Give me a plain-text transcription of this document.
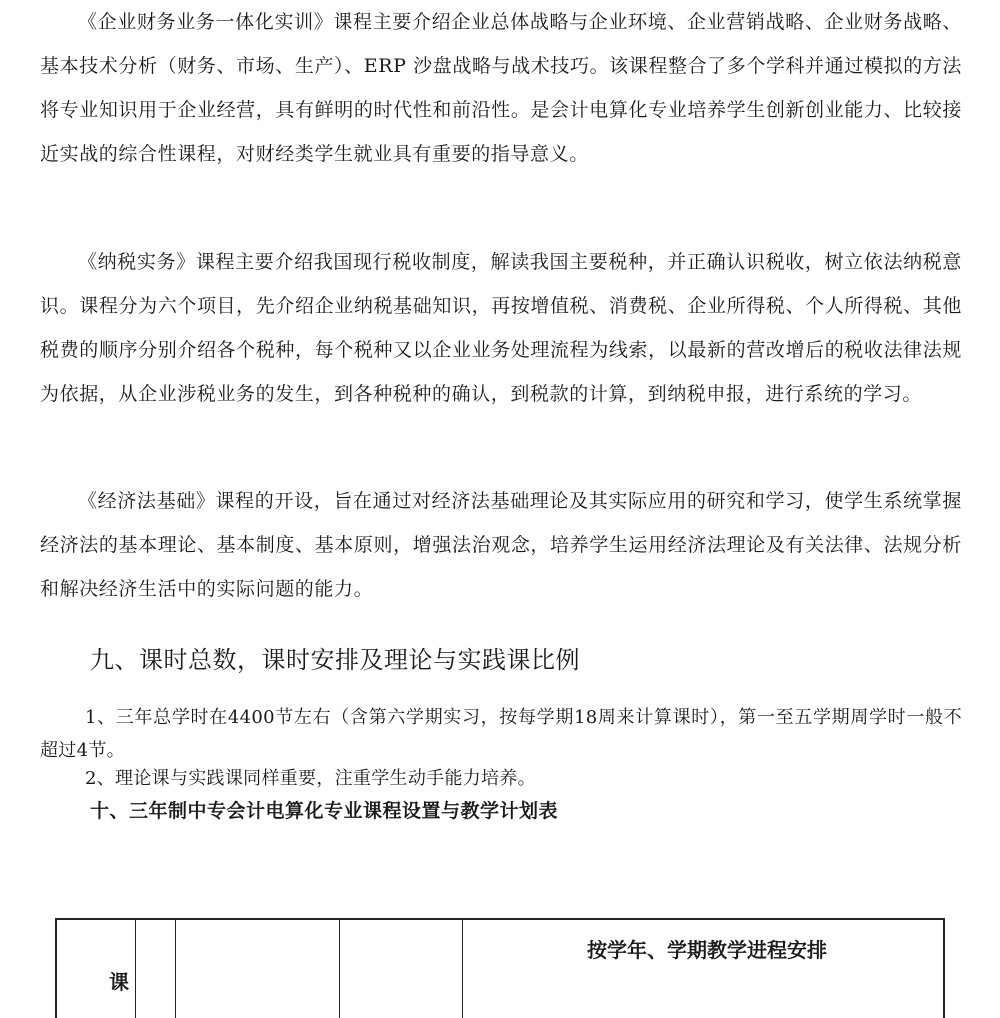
《企业财务业务一体化实训》课程主要介绍企业总体战略与企业环境、企业营销战略、企业财务战略、基本技术分析（财务、市场、生产）、ERP 沙盘战略与战术技巧。该课程整合了多个学科并通过模拟的方法将专业知识用于企业经营，具有鲜明的时代性和前沿性。是会计电算化专业培养学生创新创业能力、比较接近实战的综合性课程，对财经类学生就业具有重要的指导意义。

《纳税实务》课程主要介绍我国现行税收制度，解读我国主要税种，并正确认识税收，树立依法纳税意识。课程分为六个项目，先介绍企业纳税基础知识，再按增值税、消费税、企业所得税、个人所得税、其他税费的顺序分别介绍各个税种，每个税种又以企业业务处理流程为线索，以最新的营改增后的税收法律法规为依据，从企业涉税业务的发生，到各种税种的确认，到税款的计算，到纳税申报，进行系统的学习。

《经济法基础》课程的开设，旨在通过对经济法基础理论及其实际应用的研究和学习，使学生系统掌握经济法的基本理论、基本制度、基本原则，增强法治观念，培养学生运用经济法理论及有关法律、法规分析和解决经济生活中的实际问题的能力。

九、课时总数，课时安排及理论与实践课比例

1、三年总学时在4400节左右（含第六学期实习，按每学期18周来计算课时），第一至五学期周学时一般不超过4节。

2、理论课与实践课同样重要，注重学生动手能力培养。

十、三年制中专会计电算化专业课程设置与教学计划表
按学年、学期教学进程安排
课
